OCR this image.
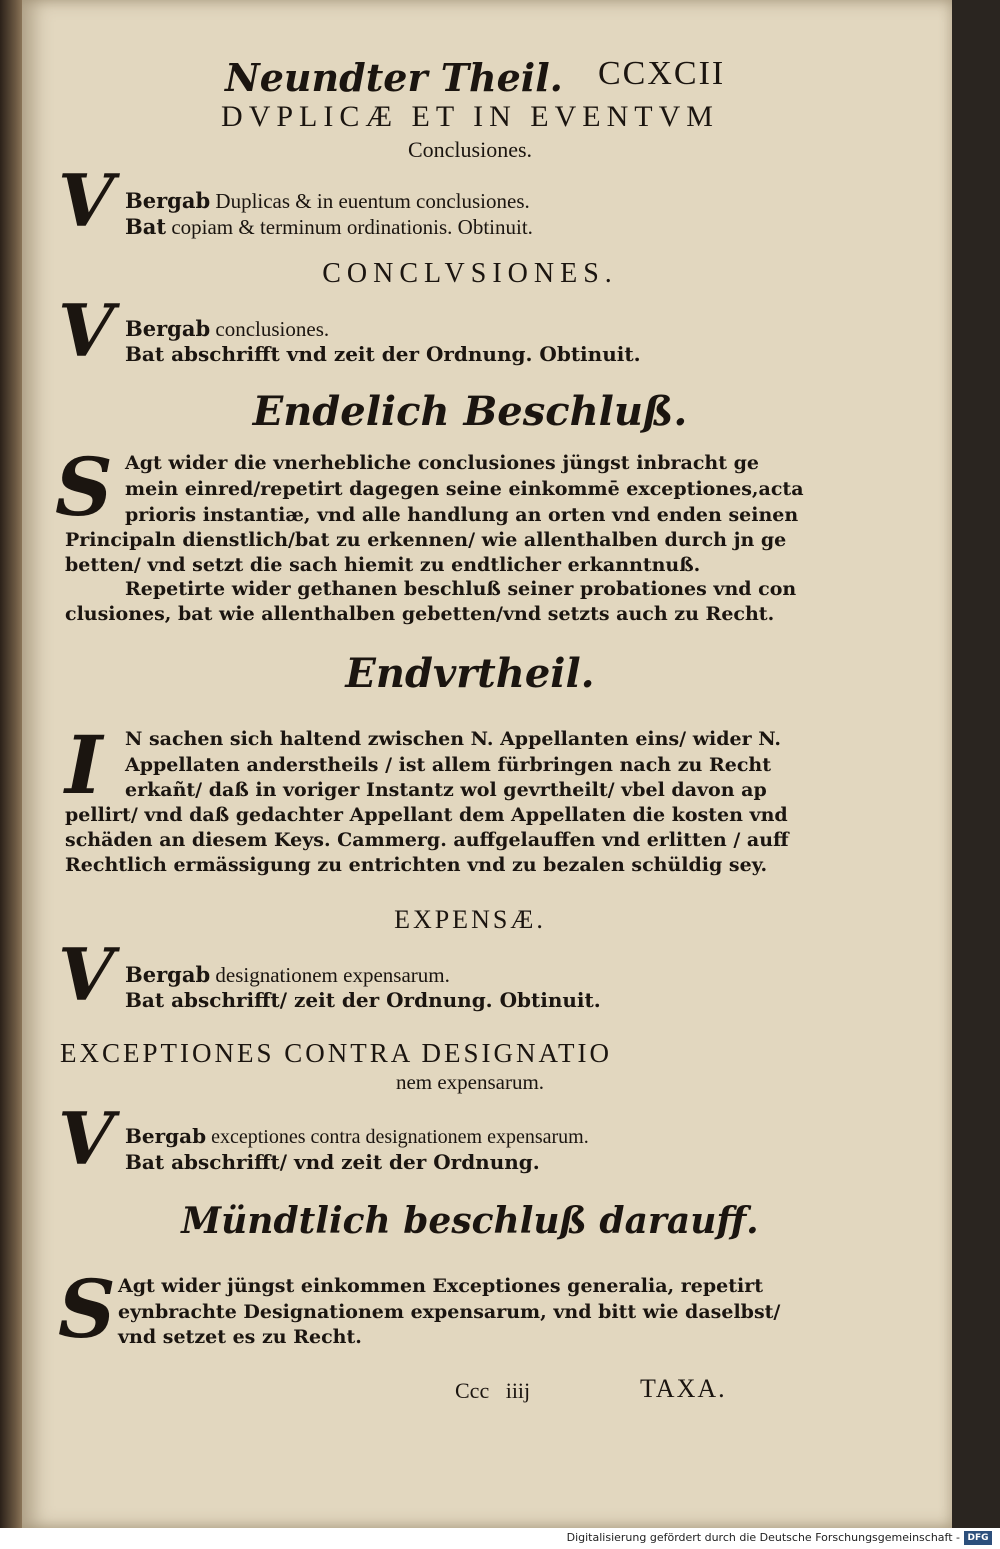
Neundter Theil. CCXCII
DVPLICÆ ET IN EVENTVM
Conclusiones.
V Bergab Duplicas & in euentum conclusiones.
Bat copiam & terminum ordinationis. Obtinuit.
CONCLVSIONES.
V Bergab conclusiones.
Bat abschrifft vnd zeit der Ordnung. Obtinuit.
Endelich Beschluß.
S Agt wider die vnerhebliche conclusiones jüngst inbracht ge
mein einred/repetirt dagegen seine einkommē exceptiones,acta
prioris instantiæ, vnd alle handlung an orten vnd enden seinen
Principaln dienstlich/bat zu erkennen/ wie allenthalben durch jn ge
betten/ vnd setzt die sach hiemit zu endtlicher erkanntnuß.
Repetirte wider gethanen beschluß seiner probationes vnd con
clusiones, bat wie allenthalben gebetten/vnd setzts auch zu Recht.
Endvrtheil.
I N sachen sich haltend zwischen N. Appellanten eins/ wider N.
Appellaten anderstheils / ist allem fürbringen nach zu Recht
erkañt/ daß in voriger Instantz wol gevrtheilt/ vbel davon ap
pellirt/ vnd daß gedachter Appellant dem Appellaten die kosten vnd
schäden an diesem Keys. Cammerg. auffgelauffen vnd erlitten / auff
Rechtlich ermässigung zu entrichten vnd zu bezalen schüldig sey.
EXPENSÆ.
V Bergab designationem expensarum.
Bat abschrifft/ zeit der Ordnung. Obtinuit.
EXCEPTIONES CONTRA DESIGNATIO
nem expensarum.
V Bergab exceptiones contra designationem expensarum.
Bat abschrifft/ vnd zeit der Ordnung.
Mündtlich beschluß darauff.
S Agt wider jüngst einkommen Exceptiones generalia, repetirt
eynbrachte Designationem expensarum, vnd bitt wie daselbst/
vnd setzet es zu Recht.
Ccc   iiij	TAXA.
Digitalisierung gefördert durch die Deutsche Forschungsgemeinschaft - DFG
